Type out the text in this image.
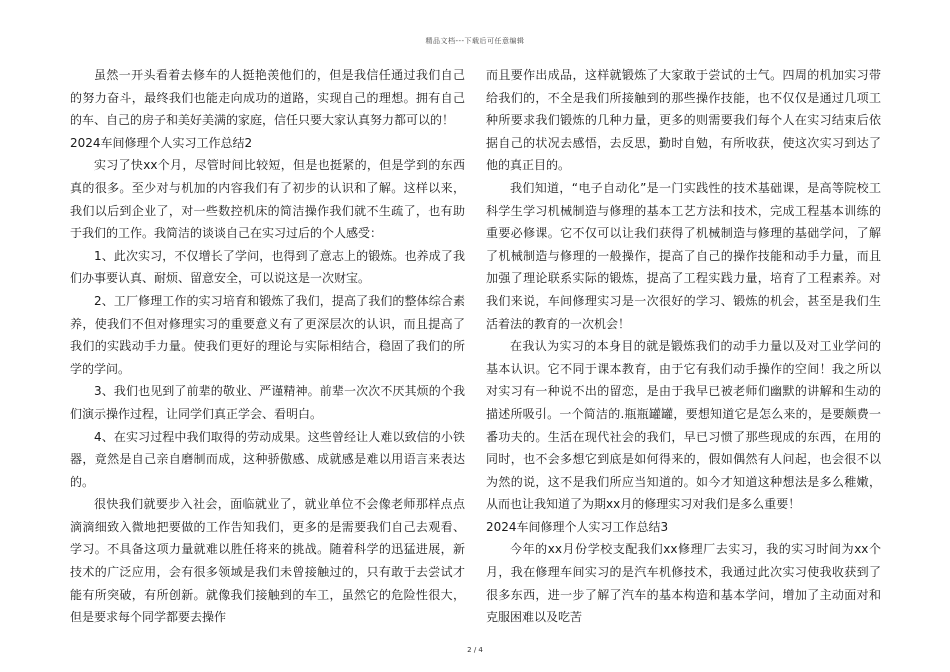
精品文档---下载后可任意编辑

虽然一开头看着去修车的人挺艳羡他们的，但是我信任通过我们自己的努力奋斗，最终我们也能走向成功的道路，实现自己的理想。拥有自己的车、自己的房子和美好美满的家庭，信任只要大家认真努力都可以的！

2024车间修理个人实习工作总结2

实习了快xx个月，尽管时间比较短，但是也挺紧的，但是学到的东西真的很多。至少对与机加的内容我们有了初步的认识和了解。这样以来，我们以后到企业了，对一些数控机床的简洁操作我们就不生疏了，也有助于我们的工作。我简洁的谈谈自己在实习过后的个人感受：

1、此次实习，不仅增长了学问，也得到了意志上的锻炼。也养成了我们办事要认真、耐烦、留意安全，可以说这是一次财宝。

2、工厂修理工作的实习培育和锻炼了我们，提高了我们的整体综合素养，使我们不但对修理实习的重要意义有了更深层次的认识，而且提高了我们的实践动手力量。使我们更好的理论与实际相结合，稳固了我们的所学的学问。

3、我们也见到了前辈的敬业、严谨精神。前辈一次次不厌其烦的个我们演示操作过程，让同学们真正学会、看明白。

4、在实习过程中我们取得的劳动成果。这些曾经让人难以致信的小铁器，竟然是自己亲自磨制而成，这种骄傲感、成就感是难以用语言来表达的。

很快我们就要步入社会，面临就业了，就业单位不会像老师那样点点滴滴细致入微地把要做的工作告知我们，更多的是需要我们自己去观看、学习。不具备这项力量就难以胜任将来的挑战。随着科学的迅猛进展，新技术的广泛应用，会有很多领域是我们未曾接触过的，只有敢于去尝试才能有所突破，有所创新。就像我们接触到的车工，虽然它的危险性很大，但是要求每个同学都要去操作

而且要作出成品，这样就锻炼了大家敢于尝试的士气。四周的机加实习带给我们的，不全是我们所接触到的那些操作技能，也不仅仅是通过几项工种所要求我们锻炼的几种力量，更多的则需要我们每个人在实习结束后依据自己的状况去感悟，去反思，勤时自勉，有所收获，使这次实习到达了他的真正目的。

我们知道，“电子自动化”是一门实践性的技术基础课，是高等院校工科学生学习机械制造与修理的基本工艺方法和技术，完成工程基本训练的重要必修课。它不仅可以让我们获得了机械制造与修理的基础学问，了解了机械制造与修理的一般操作，提高了自己的操作技能和动手力量，而且加强了理论联系实际的锻炼，提高了工程实践力量，培育了工程素养。对我们来说，车间修理实习是一次很好的学习、锻炼的机会，甚至是我们生活着法的教育的一次机会！

在我认为实习的本身目的就是锻炼我们的动手力量以及对工业学问的基本认识。它不同于课本教育，由于它有我们动手操作的空间！我之所以对实习有一种说不出的留恋，是由于我早已被老师们幽默的讲解和生动的描述所吸引。一个简洁的.瓶瓶罐罐，要想知道它是怎么来的，是要颇费一番功夫的。生活在现代社会的我们，早已习惯了那些现成的东西，在用的同时，也不会多想它到底是如何得来的，假如偶然有人问起，也会很不以为然的说，这不是我们所应当知道的。如今才知道这种想法是多么稚嫩，从而也让我知道了为期xx月的修理实习对我们是多么重要！

2024车间修理个人实习工作总结3

今年的xx月份学校支配我们xx修理厂去实习，我的实习时间为xx个月，我在修理车间实习的是汽车机修技术，我通过此次实习使我收获到了很多东西，进一步了解了汽车的基本构造和基本学问，增加了主动面对和克服困难以及吃苦

2 / 4
